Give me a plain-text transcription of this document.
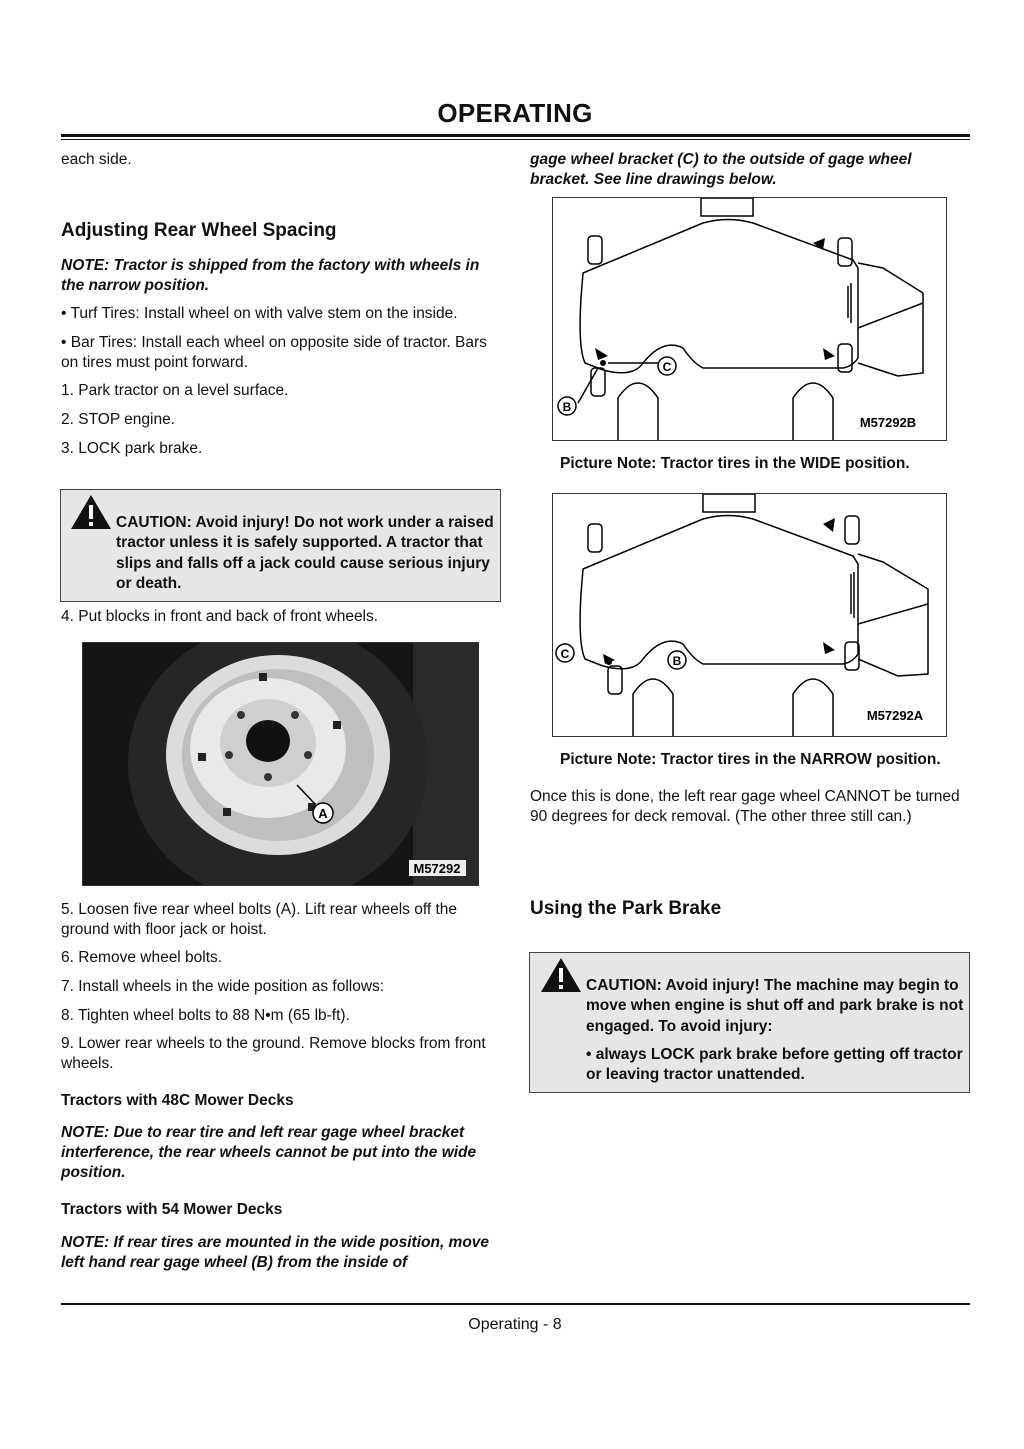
OPERATING

each side.

Adjusting Rear Wheel Spacing

NOTE: Tractor is shipped from the factory with wheels in the narrow position.

• Turf Tires: Install wheel on with valve stem on the inside.

• Bar Tires: Install each wheel on opposite side of tractor. Bars on tires must point forward.

1. Park tractor on a level surface.

2. STOP engine.

3. LOCK park brake.

CAUTION: Avoid injury! Do not work under a raised tractor unless it is safely supported. A tractor that slips and falls off a jack could cause serious injury or death.

4. Put blocks in front and back of front wheels.

A
M57292

5. Loosen five rear wheel bolts (A). Lift rear wheels off the ground with floor jack or hoist.

6. Remove wheel bolts.

7. Install wheels in the wide position as follows:

8. Tighten wheel bolts to 88 N•m (65 lb-ft).

9. Lower rear wheels to the ground. Remove blocks from front wheels.

Tractors with 48C Mower Decks

NOTE: Due to rear tire and left rear gage wheel bracket interference, the rear wheels cannot be put into the wide position.

Tractors with 54 Mower Decks

NOTE: If rear tires are mounted in the wide position, move left hand rear gage wheel (B) from the inside of

gage wheel bracket (C) to the outside of gage wheel bracket. See line drawings below.

C
B
M57292B

Picture Note: Tractor tires in the WIDE position.

C	B
M57292A

Picture Note: Tractor tires in the NARROW position.

Once this is done, the left rear gage wheel CANNOT be turned 90 degrees for deck removal. (The other three still can.)

Using the Park Brake

CAUTION: Avoid injury! The machine may begin to move when engine is shut off and park brake is not engaged. To avoid injury:
• always LOCK park brake before getting off tractor or leaving tractor unattended.
Operating - 8
